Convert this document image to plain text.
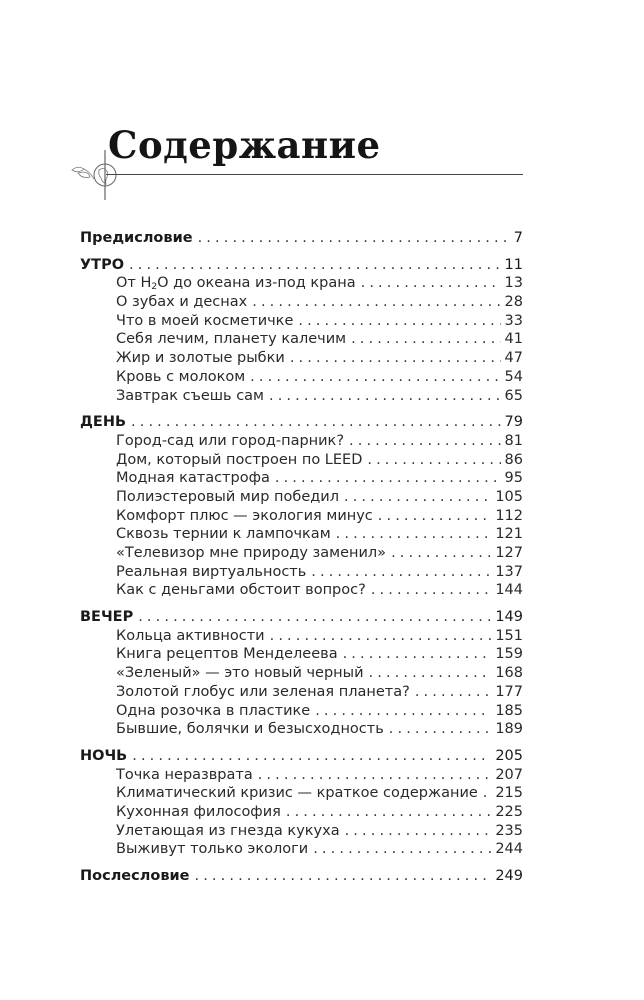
Содержание
Предисловие . . .	7
УТРО . . .	11
От $H_2O$ до океана из-под крана . . .	13
О зубах и деснах . . .	28
Что в моей косметичке . . .	33
Себя лечим, планету калечим . . .	41
Жир и золотые рыбки . . .	47
Кровь с молоком . . .	54
Завтрак съешь сам . . .	65
ДЕНЬ . . .	79
Город-сад или город-парник? . . .	81
Дом, который построен по LEED . . .	86
Модная катастрофа . . .	95
Полиэстеровый мир победил . . .	105
Комфорт плюс — экология минус . . .	112
Сквозь тернии к лампочкам . . .	121
«Телевизор мне природу заменил» . . .	127
Реальная виртуальность . . .	137
Как с деньгами обстоит вопрос? . . .	144
ВЕЧЕР . . .	149
Кольца активности . . .	151
Книга рецептов Менделеева . . .	159
«Зеленый» — это новый черный . . .	168
Золотой глобус или зеленая планета? . . .	177
Одна розочка в пластике . . .	185
Бывшие, болячки и безысходность . . .	189
НОЧЬ . . .	205
Точка неразврата . . .	207
Климатический кризис — краткое содержание . . .	215
Кухонная философия . . .	225
Улетающая из гнезда кукуха . . .	235
Выживут только экологи . . .	244
Послесловие . . .	249
